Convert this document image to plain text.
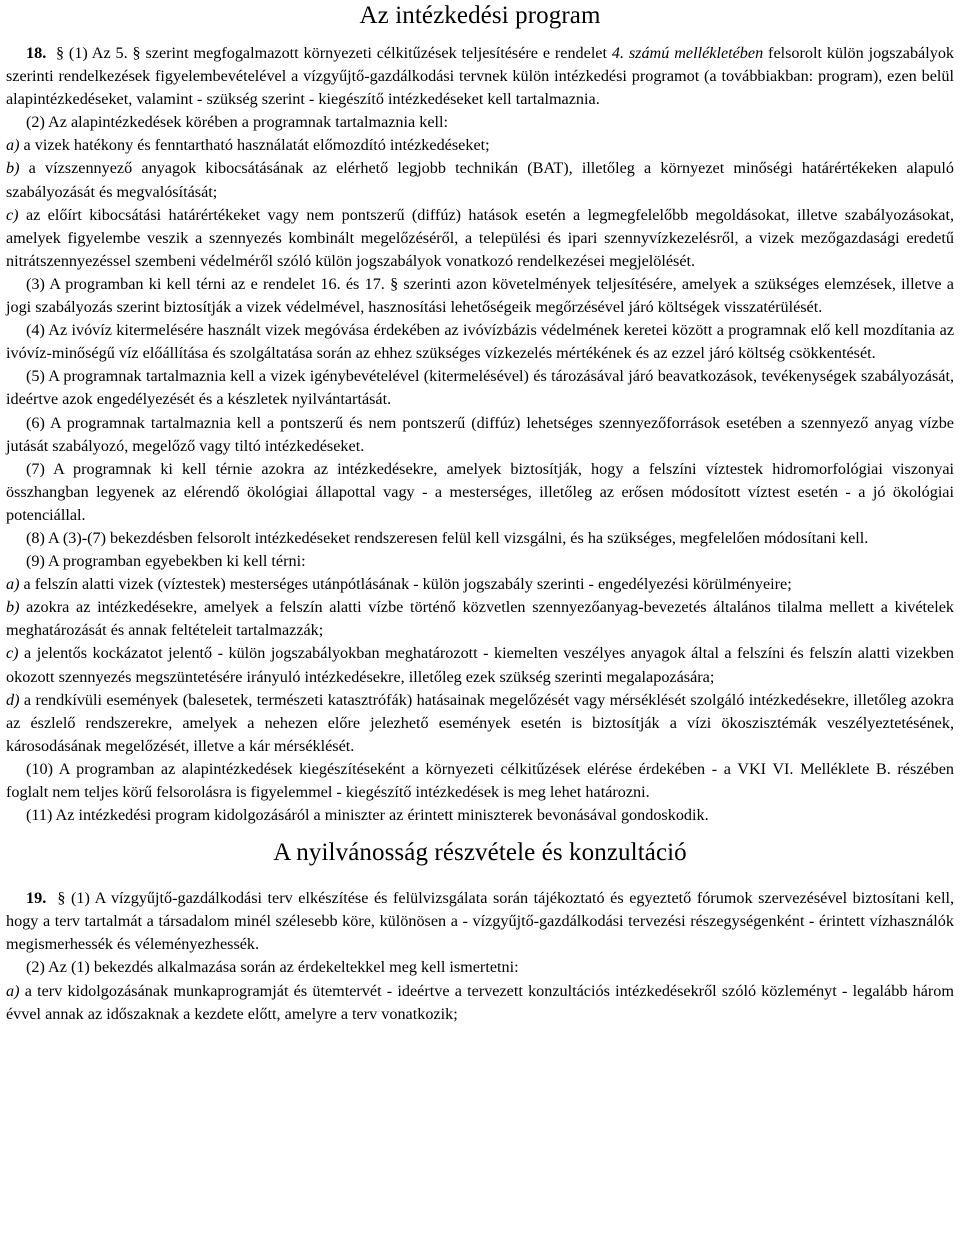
Az intézkedési program

18. § (1) Az 5. § szerint megfogalmazott környezeti célkitűzések teljesítésére e rendelet 4. számú mellékletében felsorolt külön jogszabályok szerinti rendelkezések figyelembevételével a vízgyűjtő-gazdálkodási tervnek külön intézkedési programot (a továbbiakban: program), ezen belül alapintézkedéseket, valamint - szükség szerint - kiegészítő intézkedéseket kell tartalmaznia.

(2) Az alapintézkedések körében a programnak tartalmaznia kell:

a) a vizek hatékony és fenntartható használatát előmozdító intézkedéseket;

b) a vízszennyező anyagok kibocsátásának az elérhető legjobb technikán (BAT), illetőleg a környezet minőségi határértékeken alapuló szabályozását és megvalósítását;

c) az előírt kibocsátási határértékeket vagy nem pontszerű (diffúz) hatások esetén a legmegfelelőbb megoldásokat, illetve szabályozásokat, amelyek figyelembe veszik a szennyezés kombinált megelőzéséről, a települési és ipari szennyvízkezelésről, a vizek mezőgazdasági eredetű nitrátszennyezéssel szembeni védelméről szóló külön jogszabályok vonatkozó rendelkezései megjelölését.

(3) A programban ki kell térni az e rendelet 16. és 17. § szerinti azon követelmények teljesítésére, amelyek a szükséges elemzések, illetve a jogi szabályozás szerint biztosítják a vizek védelmével, hasznosítási lehetőségeik megőrzésével járó költségek visszatérülését.

(4) Az ivóvíz kitermelésére használt vizek megóvása érdekében az ivóvízbázis védelmének keretei között a programnak elő kell mozdítania az ivóvíz-minőségű víz előállítása és szolgáltatása során az ehhez szükséges vízkezelés mértékének és az ezzel járó költség csökkentését.

(5) A programnak tartalmaznia kell a vizek igénybevételével (kitermelésével) és tározásával járó beavatkozások, tevékenységek szabályozását, ideértve azok engedélyezését és a készletek nyilvántartását.

(6) A programnak tartalmaznia kell a pontszerű és nem pontszerű (diffúz) lehetséges szennyezőforrások esetében a szennyező anyag vízbe jutását szabályozó, megelőző vagy tiltó intézkedéseket.

(7) A programnak ki kell térnie azokra az intézkedésekre, amelyek biztosítják, hogy a felszíni víztestek hidromorfológiai viszonyai összhangban legyenek az elérendő ökológiai állapottal vagy - a mesterséges, illetőleg az erősen módosított víztest esetén - a jó ökológiai potenciállal.

(8) A (3)-(7) bekezdésben felsorolt intézkedéseket rendszeresen felül kell vizsgálni, és ha szükséges, megfelelően módosítani kell.

(9) A programban egyebekben ki kell térni:

a) a felszín alatti vizek (víztestek) mesterséges utánpótlásának - külön jogszabály szerinti - engedélyezési körülményeire;

b) azokra az intézkedésekre, amelyek a felszín alatti vízbe történő közvetlen szennyezőanyag-bevezetés általános tilalma mellett a kivételek meghatározását és annak feltételeit tartalmazzák;

c) a jelentős kockázatot jelentő - külön jogszabályokban meghatározott - kiemelten veszélyes anyagok által a felszíni és felszín alatti vizekben okozott szennyezés megszüntetésére irányuló intézkedésekre, illetőleg ezek szükség szerinti megalapozására;

d) a rendkívüli események (balesetek, természeti katasztrófák) hatásainak megelőzését vagy mérséklését szolgáló intézkedésekre, illetőleg azokra az észlelő rendszerekre, amelyek a nehezen előre jelezhető események esetén is biztosítják a vízi ökoszisztémák veszélyeztetésének, károsodásának megelőzését, illetve a kár mérséklését.

(10) A programban az alapintézkedések kiegészítéseként a környezeti célkitűzések elérése érdekében - a VKI VI. Melléklete B. részében foglalt nem teljes körű felsorolásra is figyelemmel - kiegészítő intézkedések is meg lehet határozni.

(11) Az intézkedési program kidolgozásáról a miniszter az érintett miniszterek bevonásával gondoskodik.

A nyilvánosság részvétele és konzultáció

19.  § (1) A vízgyűjtő-gazdálkodási terv elkészítése és felülvizsgálata során tájékoztató és egyeztető fórumok szervezésével biztosítani kell, hogy a terv tartalmát a társadalom minél szélesebb köre, különösen a - vízgyűjtő-gazdálkodási tervezési részegységenként - érintett vízhasználók megismerhessék és véleményezhessék.

(2) Az (1) bekezdés alkalmazása során az érdekeltekkel meg kell ismertetni:

a) a terv kidolgozásának munkaprogramját és ütemtervét - ideértve a tervezett konzultációs intézkedésekről szóló közleményt - legalább három évvel annak az időszaknak a kezdete előtt, amelyre a terv vonatkozik;
